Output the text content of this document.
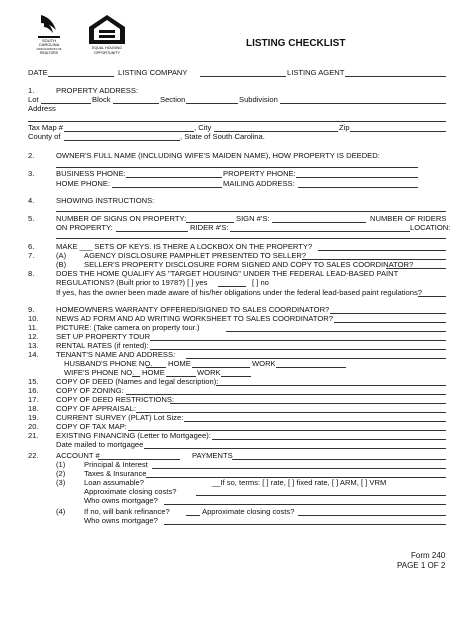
SOUTH
CAROLINA
ASSOCIATION OF
REALTORS
EQUAL HOUSING
OPPORTUNITY
LISTING CHECKLIST
DATE	LISTING COMPANY	LISTING AGENT
1.	PROPERTY ADDRESS:
Lot	Block	Section	Subdivision
Address
Tax Map #	, City	Zip
County of	, State of South Carolina.
2.	OWNER'S FULL NAME (INCLUDING WIFE'S MAIDEN NAME), HOW PROPERTY IS DEEDED:
3.	BUSINESS PHONE:	PROPERTY PHONE:
HOME PHONE:	MAILING ADDRESS:
4.	SHOWING INSTRUCTIONS:
5.	NUMBER OF SIGNS ON PROPERTY:	SIGN #'S:	NUMBER OF RIDERS
ON PROPERTY:	RIDER #'S:	LOCATION:
6.	MAKE ___ SETS OF KEYS. IS THERE A LOCKBOX ON THE PROPERTY?
7.	(A) AGENCY DISCLOSURE PAMPHLET PRESENTED TO SELLER?
(B) SELLER'S PROPERTY DISCLOSURE FORM SIGNED AND COPY TO SALES COORDINATOR?
8.	DOES THE HOME QUALIFY AS "TARGET HOUSING" UNDER THE FEDERAL LEAD-BASED PAINT
REGULATIONS? (Built prior to 1978?) [ ] yes	[ ] no
If yes, has the owner been made aware of his/her obligations under the federal lead-based paint regulations?
9.	HOMEOWNERS WARRANTY OFFERED/SIGNED TO SALES COORDINATOR?
10. NEWS AD FORM AND AD WRITING WORKSHEET TO SALES COORDINATOR?
11. PICTURE: (Take camera on property tour.)
12. SET UP PROPERTY TOUR
13. RENTAL RATES (if rented):
14. TENANT'S NAME AND ADDRESS:
HUSBAND'S PHONE NO. HOME	WORK
WIFE'S PHONE NO. HOME	WORK
15. COPY OF DEED (Names and legal description):
16. COPY OF ZONING:
17. COPY OF DEED RESTRICTIONS:
18. COPY OF APPRAISAL:
19. CURRENT SURVEY (PLAT) Lot Size:
20. COPY OF TAX MAP:
21. EXISTING FINANCING (Letter to Mortgagee):
Date mailed to mortgagee
22. ACCOUNT #	PAYMENTS
(1) Principal & Interest
(2) Taxes & Insurance
(3) Loan assumable?	__If so, terms: [ ] rate, [ ] fixed rate, [ ] ARM, [ ] VRM
Approximate closing costs?
Who owns mortgage?
(4) If no, will bank refinance?	Approximate closing costs?
Who owns mortgage?
Form 240
PAGE 1 OF 2
